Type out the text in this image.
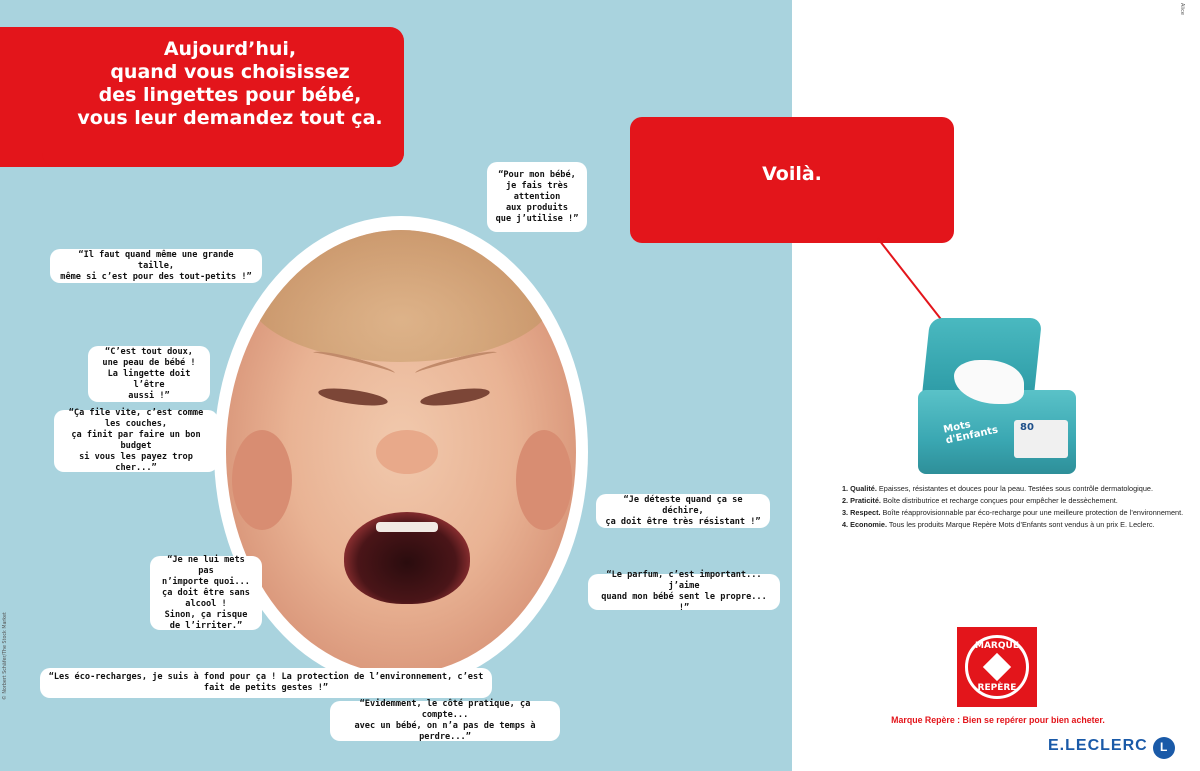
Aujourd’hui,
quand vous choisissez
des lingettes pour bébé,
vous leur demandez tout ça.
“Pour mon bébé,
je fais très
attention
aux produits
que j’utilise !”
“Il faut quand même une grande taille,
même si c’est pour des tout-petits !”
“C’est tout doux,
une peau de bébé !
La lingette doit l’être
aussi !”
“Ça file vite, c’est comme
les couches,
ça finit par faire un bon budget
si vous les payez trop cher...”
“Je déteste quand ça se déchire,
ça doit être très résistant !”
“Je ne lui mets pas
n’importe quoi...
ça doit être sans alcool !
Sinon, ça risque
de l’irriter.”
“Le parfum, c’est important... j’aime
quand mon bébé sent le propre... !”
“Les éco-recharges, je suis à fond pour ça ! La protection de l’environnement, c’est fait de petits gestes !”
“Evidemment, le côté pratique, ça compte...
avec un bébé, on n’a pas de temps à perdre...”
Voilà.
Mots d'Enfants	80
1. Qualité. Epaisses, résistantes et douces pour la peau. Testées sous contrôle dermatologique.
2. Praticité. Boîte distributrice et recharge conçues pour empêcher le dessèchement.
3. Respect. Boîte réapprovisionnable par éco-recharge pour une meilleure protection de l’environnement.
4. Economie. Tous les produits Marque Repère Mots d’Enfants sont vendus à un prix E. Leclerc.
MARQUE
REPÈRE
Marque Repère : Bien se repérer pour bien acheter.
E.LECLERC
L
Alice
© Norbert Schäfer/The Stock Market
